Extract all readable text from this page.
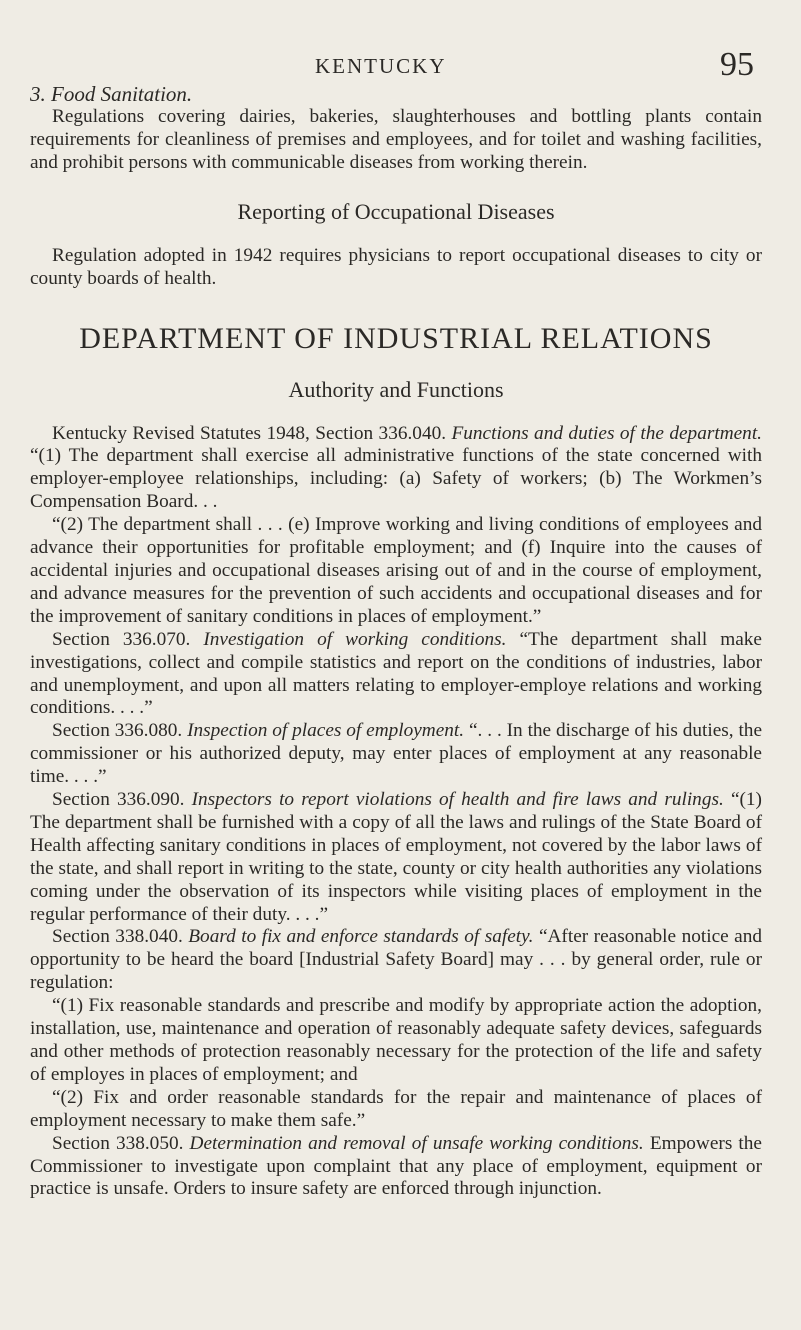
KENTUCKY	95

3. Food Sanitation.

Regulations covering dairies, bakeries, slaughterhouses and bottling plants contain requirements for cleanliness of premises and employees, and for toilet and washing facilities, and prohibit persons with communicable diseases from working therein.

Reporting of Occupational Diseases

Regulation adopted in 1942 requires physicians to report occupational diseases to city or county boards of health.

DEPARTMENT OF INDUSTRIAL RELATIONS
Authority and Functions

Kentucky Revised Statutes 1948, Section 336.040. Functions and duties of the department. “(1) The department shall exercise all administrative functions of the state concerned with employer-employee relationships, including: (a) Safety of workers; (b) The Workmen’s Compensation Board. . .

“(2) The department shall . . . (e) Improve working and living conditions of employees and advance their opportunities for profitable employment; and (f) Inquire into the causes of accidental injuries and occupational diseases arising out of and in the course of employment, and advance measures for the prevention of such accidents and occupational diseases and for the improvement of sanitary conditions in places of employment.”

Section 336.070. Investigation of working conditions. “The department shall make investigations, collect and compile statistics and report on the conditions of industries, labor and unemployment, and upon all matters relating to employer-employe relations and working conditions. . . .”

Section 336.080. Inspection of places of employment. “. . . In the discharge of his duties, the commissioner or his authorized deputy, may enter places of employment at any reasonable time. . . .”

Section 336.090. Inspectors to report violations of health and fire laws and rulings. “(1) The department shall be furnished with a copy of all the laws and rulings of the State Board of Health affecting sanitary conditions in places of employment, not covered by the labor laws of the state, and shall report in writing to the state, county or city health authorities any violations coming under the observation of its inspectors while visiting places of employment in the regular performance of their duty. . . .”

Section 338.040. Board to fix and enforce standards of safety. “After reasonable notice and opportunity to be heard the board [Industrial Safety Board] may . . . by general order, rule or regulation:

“(1) Fix reasonable standards and prescribe and modify by appropriate action the adoption, installation, use, maintenance and operation of reasonably adequate safety devices, safeguards and other methods of protection reasonably necessary for the protection of the life and safety of employes in places of employment; and

“(2) Fix and order reasonable standards for the repair and maintenance of places of employment necessary to make them safe.”

Section 338.050. Determination and removal of unsafe working conditions. Empowers the Commissioner to investigate upon complaint that any place of employment, equipment or practice is unsafe. Orders to insure safety are enforced through injunction.
